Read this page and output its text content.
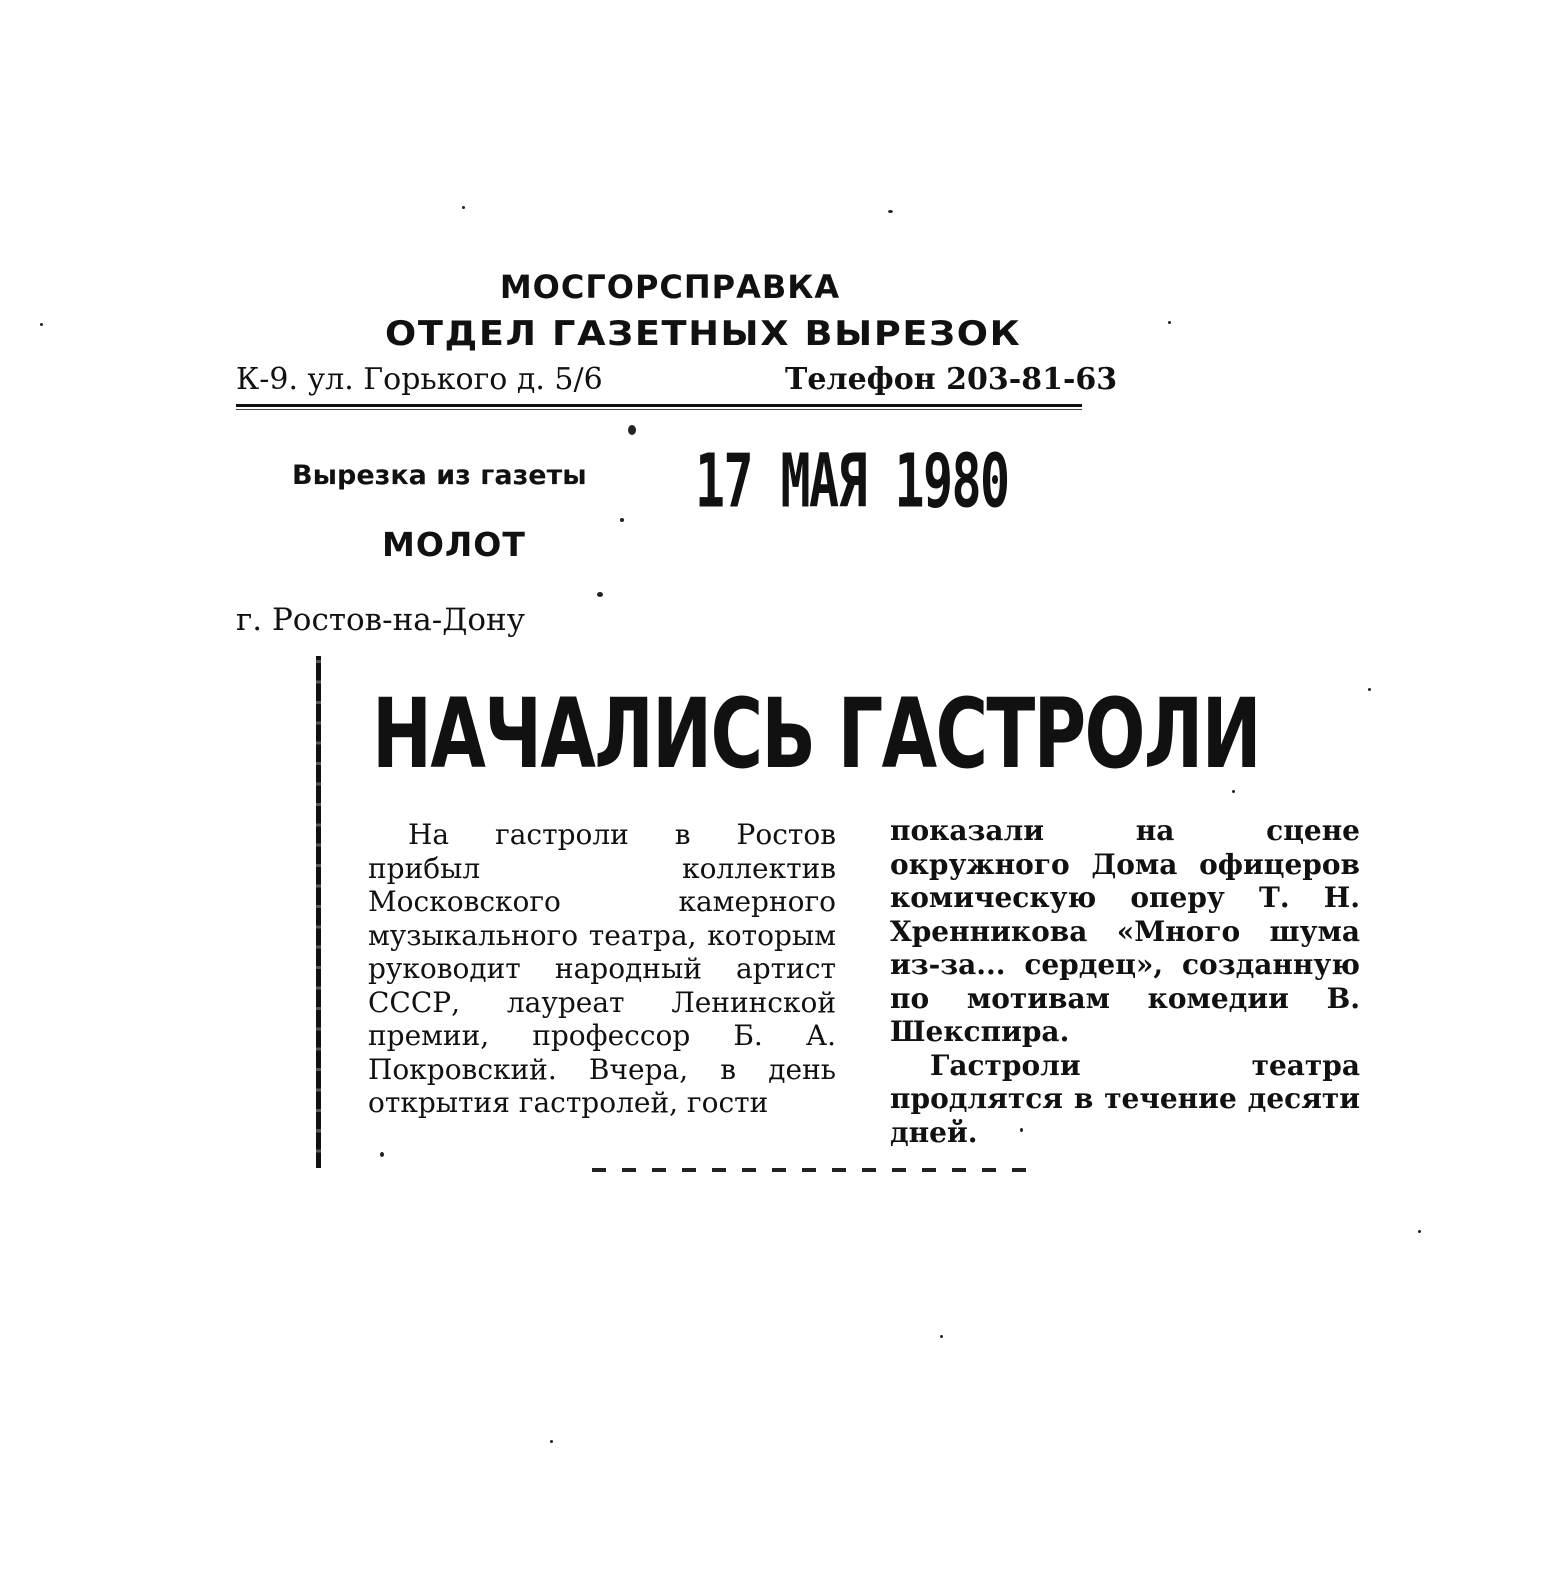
МОСГОРСПРАВКА
ОТДЕЛ ГАЗЕТНЫХ ВЫРЕЗОК
К-9. ул. Горького д. 5/6	Телефон 203-81-63
Вырезка из газеты 17 МАЯ 1980
МОЛОТ
г. Ростов-на-Дону
НАЧАЛИСЬ ГАСТРОЛИ

На гастроли в Ростов прибыл коллектив Московского камерного музыкального театра, которым руководит народный артист СССР, лауреат Ленинской премии, профессор Б. А. Покровский. Вчера, в день открытия гастролей, гости

показали на сцене окружного Дома офицеров комическую оперу Т. Н. Хренникова «Много шума из-за... сердец», созданную по мотивам комедии В. Шекспира.

Гастроли театра продлятся в течение десяти дней.
